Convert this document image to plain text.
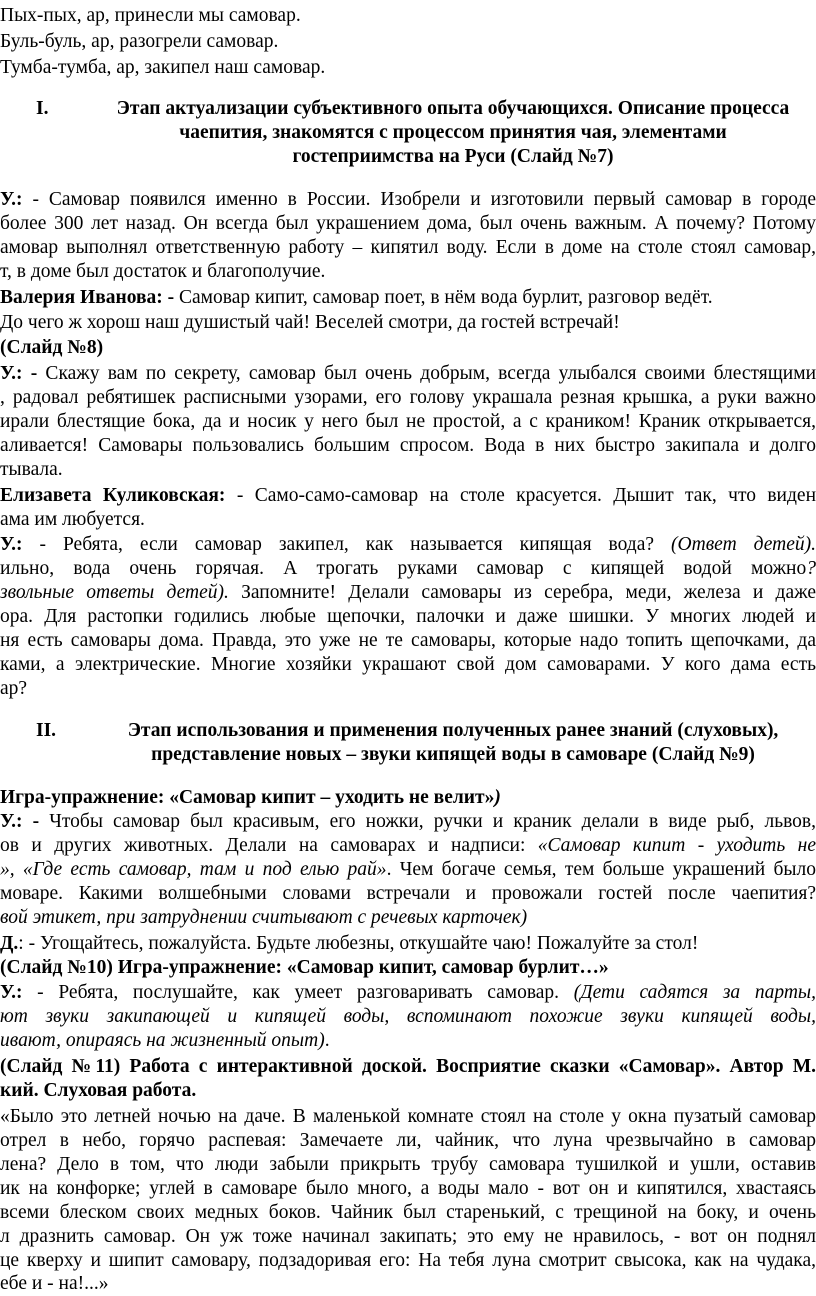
Пых-пых, ар, принесли мы самовар.
Буль-буль, ар, разогрели самовар.
Тумба-тумба, ар, закипел наш самовар.
I.	Этап актуализации субъективного опыта обучающихся. Описание процесса
чаепития, знакомятся с процессом принятия чая, элементами
гостеприимства на Руси (Слайд №7)
У.: - Самовар появился именно в России. Изобрели и изготовили первый самовар в городе
более 300 лет назад. Он всегда был украшением дома, был очень важным. А почему? Потому
амовар выполнял ответственную работу – кипятил воду. Если в доме на столе стоял самовар,
т, в доме был достаток и благополучие.
Валерия Иванова: - Самовар кипит, самовар поет, в нём вода бурлит, разговор ведёт.
До чего ж хорош наш душистый чай! Веселей смотри, да гостей встречай!
(Слайд №8)
У.: - Скажу вам по секрету, самовар был очень добрым, всегда улыбался своими блестящими
, радовал ребятишек расписными узорами, его голову украшала резная крышка, а руки важно
ирали блестящие бока, да и носик у него был не простой, а с краником! Краник открывается,
аливается! Самовары пользовались большим спросом. Вода в них быстро закипала и долго
тывала.
Елизавета Куликовская: - Само-само-самовар на столе красуется. Дышит так, что виден
ама им любуется.
У.: - Ребята, если самовар закипел, как называется кипящая вода? (Ответ детей).
ильно, вода очень горячая. А трогать руками самовар с кипящей водой можно?
звольные ответы детей). Запомните! Делали самовары из серебра, меди, железа и даже
ора. Для растопки годились любые щепочки, палочки и даже шишки. У многих людей и
ня есть самовары дома. Правда, это уже не те самовары, которые надо топить щепочками, да
ками, а электрические. Многие хозяйки украшают свой дом самоварами. У кого дама есть
ар?
II.	Этап использования и применения полученных ранее знаний (слуховых),
представление новых – звуки кипящей воды в самоваре (Слайд №9)
Игра-упражнение: «Самовар кипит – уходить не велит»)
У.: - Чтобы самовар был красивым, его ножки, ручки и краник делали в виде рыб, львов,
ов и других животных. Делали на самоварах и надписи: «Самовар кипит - уходить не
», «Где есть самовар, там и под елью рай». Чем богаче семья, тем больше украшений было
моваре. Какими волшебными словами встречали и провожали гостей после чаепития?
вой этикет, при затруднении считывают с речевых карточек)
Д.: - Угощайтесь, пожалуйста. Будьте любезны, откушайте чаю! Пожалуйте за стол!
(Слайд №10) Игра-упражнение: «Самовар кипит, самовар бурлит…»
У.: - Ребята, послушайте, как умеет разговаривать самовар. (Дети садятся за парты,
ют звуки закипающей и кипящей воды, вспоминают похожие звуки кипящей воды,
ивают, опираясь на жизненный опыт).
(Слайд №11) Работа с интерактивной доской. Восприятие сказки «Самовар». Автор М.
кий. Слуховая работа.
«Было это летней ночью на даче. В маленькой комнате стоял на столе у окна пузатый самовар
отрел в небо, горячо распевая: Замечаете ли, чайник, что луна чрезвычайно в самовар
лена? Дело в том, что люди забыли прикрыть трубу самовара тушилкой и ушли, оставив
ик на конфорке; углей в самоваре было много, а воды мало - вот он и кипятился, хвастаясь
всеми блеском своих медных боков. Чайник был старенький, с трещиной на боку, и очень
л дразнить самовар. Он уж тоже начинал закипать; это ему не нравилось, - вот он поднял
це кверху и шипит самовару, подзадоривая его: На тебя луна смотрит свысока, как на чудака,
ебе и - на!...»
